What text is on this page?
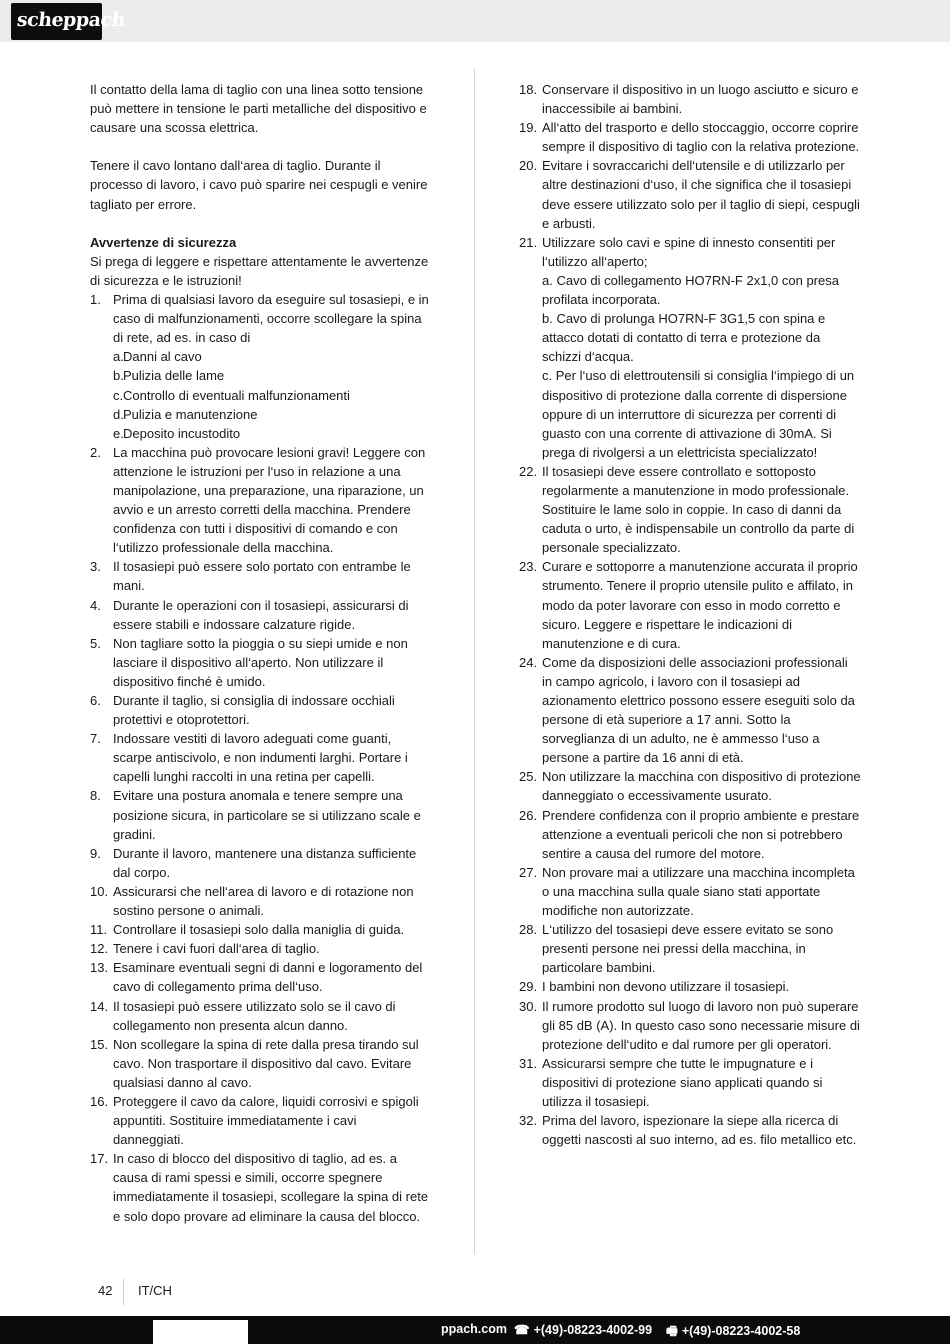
scheppach

Il contatto della lama di taglio con una linea sotto tensione può mettere in tensione le parti metalliche del dispositivo e causare una scossa elettrica.

Tenere il cavo lontano dall‘area di taglio. Durante il processo di lavoro, i cavo può sparire nei cespugli e venire tagliato per errore.

Avvertenze di sicurezza

Si prega di leggere e rispettare attentamente le avvertenze di sicurezza e le istruzioni!

1. Prima di qualsiasi lavoro da eseguire sul tosasiepi, e in caso di malfunzionamenti, occorre scollegare la spina di rete, ad es. in caso di
a. Danni al cavo
b. Pulizia delle lame
c. Controllo di eventuali malfunzionamenti
d. Pulizia e manutenzione
e. Deposito incustodito
2. La macchina può provocare lesioni gravi! Leggere con attenzione le istruzioni per l‘uso in relazione a una manipolazione, una preparazione, una riparazione, un avvio e un arresto corretti della macchina. Prendere confidenza con tutti i dispositivi di comando e con l‘utilizzo professionale della macchina.
3. Il tosasiepi può essere solo portato con entrambe le mani.
4. Durante le operazioni con il tosasiepi, assicurarsi di essere stabili e indossare calzature rigide.
5. Non tagliare sotto la pioggia o su siepi umide e non lasciare il dispositivo all‘aperto. Non utilizzare il dispositivo finché è umido.
6. Durante il taglio, si consiglia di indossare occhiali protettivi e otoprotettori.
7. Indossare vestiti di lavoro adeguati come guanti, scarpe antiscivolo, e non indumenti larghi. Portare i capelli lunghi raccolti in una retina per capelli.
8. Evitare una postura anomala e tenere sempre una posizione sicura, in particolare se si utilizzano scale e gradini.
9. Durante il lavoro, mantenere una distanza sufficiente dal corpo.
10. Assicurarsi che nell‘area di lavoro e di rotazione non sostino persone o animali.
11. Controllare il tosasiepi solo dalla maniglia di guida.
12. Tenere i cavi fuori dall‘area di taglio.
13. Esaminare eventuali segni di danni e logoramento del cavo di collegamento prima dell‘uso.
14. Il tosasiepi può essere utilizzato solo se il cavo di collegamento non presenta alcun danno.
15. Non scollegare la spina di rete dalla presa tirando sul cavo. Non trasportare il dispositivo dal cavo. Evitare qualsiasi danno al cavo.
16. Proteggere il cavo da calore, liquidi corrosivi e spigoli appuntiti. Sostituire immediatamente i cavi danneggiati.
17. In caso di blocco del dispositivo di taglio, ad es. a causa di rami spessi e simili, occorre spegnere immediatamente il tosasiepi, scollegare la spina di rete e solo dopo provare ad eliminare la causa del blocco.
18. Conservare il dispositivo in un luogo asciutto e sicuro e inaccessibile ai bambini.
19. All‘atto del trasporto e dello stoccaggio, occorre coprire sempre il dispositivo di taglio con la relativa protezione.
20. Evitare i sovraccarichi dell‘utensile e di utilizzarlo per altre destinazioni d‘uso, il che significa che il tosasiepi deve essere utilizzato solo per il taglio di siepi, cespugli e arbusti.
21. Utilizzare solo cavi e spine di innesto consentiti per l‘utilizzo all‘aperto;
a. Cavo di collegamento HO7RN-F 2x1,0 con presa profilata incorporata.
b. Cavo di prolunga HO7RN-F 3G1,5 con spina e attacco dotati di contatto di terra e protezione da schizzi d‘acqua.
c. Per l‘uso di elettroutensili si consiglia l‘impiego di un dispositivo di protezione dalla corrente di dispersione oppure di un interruttore di sicurezza per correnti di guasto con una corrente di attivazione di 30mA. Si prega di rivolgersi a un elettricista specializzato!
22. Il tosasiepi deve essere controllato e sottoposto regolarmente a manutenzione in modo professionale. Sostituire le lame solo in coppie. In caso di danni da caduta o urto, è indispensabile un controllo da parte di personale specializzato.
23. Curare e sottoporre a manutenzione accurata il proprio strumento. Tenere il proprio utensile pulito e affilato, in modo da poter lavorare con esso in modo corretto e sicuro. Leggere e rispettare le indicazioni di manutenzione e di cura.
24. Come da disposizioni delle associazioni professionali in campo agricolo, i lavoro con il tosasiepi ad azionamento elettrico possono essere eseguiti solo da persone di età superiore a 17 anni. Sotto la sorveglianza di un adulto, ne è ammesso l‘uso a persone a partire da 16 anni di età.
25. Non utilizzare la macchina con dispositivo di protezione danneggiato o eccessivamente usurato.
26. Prendere confidenza con il proprio ambiente e prestare attenzione a eventuali pericoli che non si potrebbero sentire a causa del rumore del motore.
27. Non provare mai a utilizzare una macchina incompleta o una macchina sulla quale siano stati apportate modifiche non autorizzate.
28. L‘utilizzo del tosasiepi deve essere evitato se sono presenti persone nei pressi della macchina, in particolare bambini.
29. I bambini non devono utilizzare il tosasiepi.
30. Il rumore prodotto sul luogo di lavoro non può superare gli 85 dB (A). In questo caso sono necessarie misure di protezione dell‘udito e dal rumore per gli operatori.
31. Assicurarsi sempre che tutte le impugnature e i dispositivi di protezione siano applicati quando si utilizza il tosasiepi.
32. Prima del lavoro, ispezionare la siepe alla ricerca di oggetti nascosti al suo interno, ad es. filo metallico etc.
42 IT/CH
ppach.com ☎ +(49)-08223-4002-99 🖷 +(49)-08223-4002-58
